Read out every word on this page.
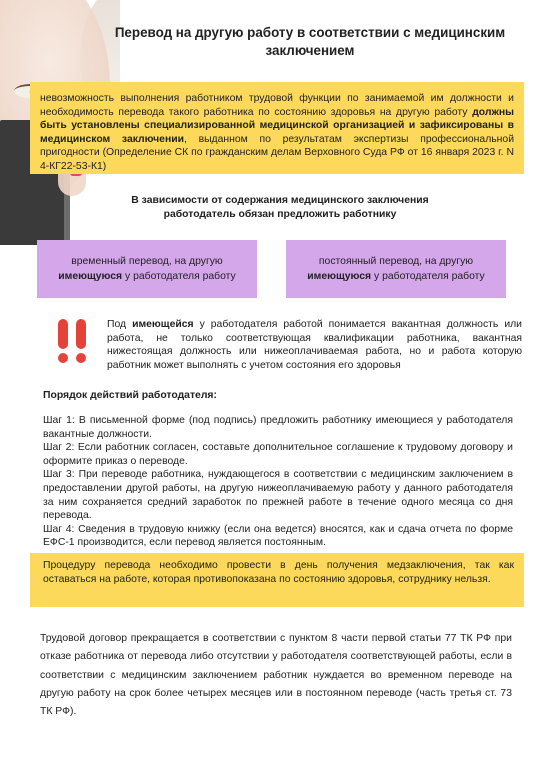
Перевод на другую работу в соответствии с медицинским заключением
невозможность выполнения работником трудовой функции по занимаемой им должности и необходимость перевода такого работника по состоянию здоровья на другую работу должны быть установлены специализированной медицинской организацией и зафиксированы в медицинском заключении, выданном по результатам экспертизы профессиональной пригодности (Определение СК по гражданским делам Верховного Суда РФ от 16 января 2023 г. N 4-КГ22-53-К1)
В зависимости от содержания медицинского заключения работодатель обязан предложить работнику
временный перевод, на другую
имеющуюся у работодателя работу
постоянный перевод, на другую
имеющуюся у работодателя работу
Под имеющейся у работодателя работой понимается вакантная должность или работа, не только соответствующая квалификации работника, вакантная нижестоящая должность или нижеоплачиваемая работа, но и работа которую работник может выполнять с учетом состояния его здоровья
Порядок действий работодателя:

Шаг 1: В письменной форме (под подпись) предложить работнику имеющиеся у работодателя вакантные должности.

Шаг 2: Если работник согласен, составьте дополнительное соглашение к трудовому договору и оформите приказ о переводе.

Шаг 3: При переводе работника, нуждающегося в соответствии с медицинским заключением в предоставлении другой работы, на другую нижеоплачиваемую работу у данного работодателя за ним сохраняется средний заработок по прежней работе в течение одного месяца со дня перевода.

Шаг 4: Сведения в трудовую книжку (если она ведется) вносятся, как и сдача отчета по форме ЕФС-1 производится, если перевод является постоянным.

Процедуру перевода необходимо провести в день получения медзаключения, так как оставаться на работе, которая противопоказана по состоянию здоровья, сотруднику нельзя.
Трудовой договор прекращается в соответствии с пунктом 8 части первой статьи 77 ТК РФ при отказе работника от перевода либо отсутствии у работодателя соответствующей работы, если в соответствии с медицинским заключением работник нуждается во временном переводе на другую работу на срок более четырех месяцев или в постоянном переводе (часть третья ст. 73 ТК РФ).
